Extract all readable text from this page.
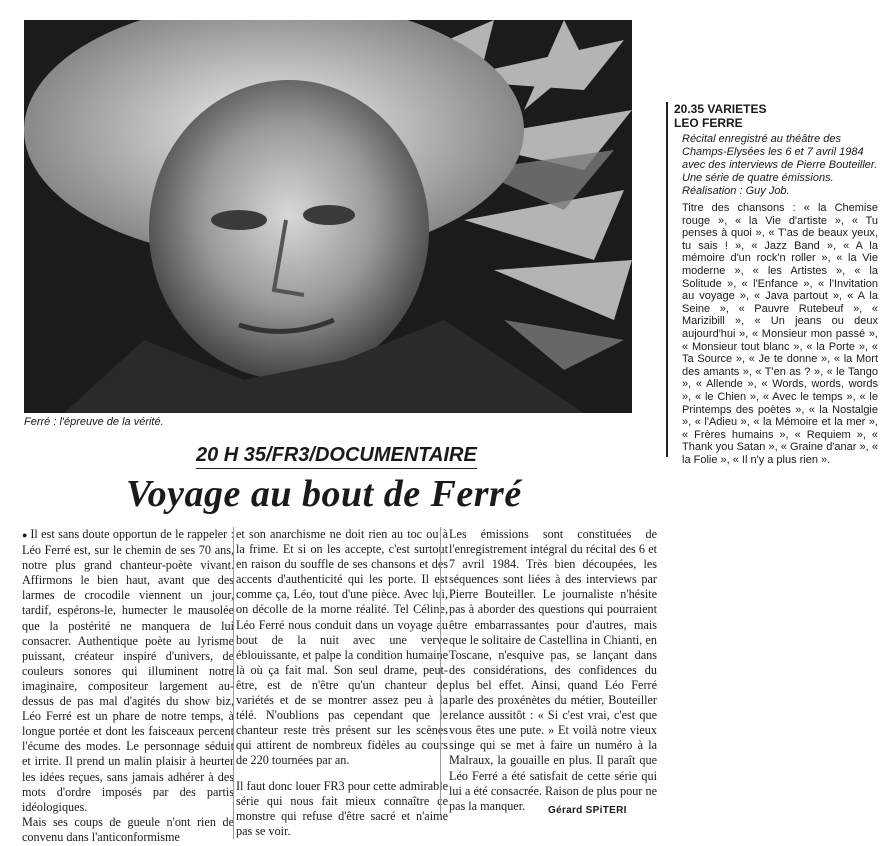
Ferré : l'épreuve de la vérité.
20.35 VARIETES
LEO FERRE
Récital enregistré au théâtre des Champs-Elysées les 6 et 7 avril 1984 avec des interviews de Pierre Bouteiller. Une série de quatre émissions. Réalisation : Guy Job.
Titre des chansons : « la Chemise rouge », « la Vie d'artiste », « Tu penses à quoi », « T'as de beaux yeux, tu sais ! », « Jazz Band », « A la mémoire d'un rock'n roller », « la Vie moderne », « les Artistes », « la Solitude », « l'Enfance », « l'Invitation au voyage », « Java partout », « A la Seine », « Pauvre Rutebeuf », « Marizibill », « Un jeans ou deux aujourd'hui », « Monsieur mon passé », « Monsieur tout blanc », « la Porte », « Ta Source », « Je te donne », « la Mort des amants », « T'en as ? », « le Tango », « Allende », « Words, words, words », « le Chien », « Avec le temps », « le Printemps des poètes », « la Nostalgie », « l'Adieu », « la Mémoire et la mer », « Frères humains », « Requiem », « Thank you Satan », « Graine d'anar », « la Folie », « Il n'y a plus rien ».
20 H 35/FR3/DOCUMENTAIRE
Voyage au bout de Ferré

● Il est sans doute opportun de le rappeler : Léo Ferré est, sur le chemin de ses 70 ans, notre plus grand chanteur-poète vivant. Affirmons le bien haut, avant que des larmes de crocodile viennent un jour, tardif, espérons-le, humecter le mausolée que la postérité ne manquera de lui consacrer. Authentique poète au lyrisme puissant, créateur inspiré d'univers, de couleurs sonores qui illuminent notre imaginaire, compositeur largement au-dessus de pas mal d'agités du show biz, Léo Ferré est un phare de notre temps, à longue portée et dont les faisceaux percent l'écume des modes. Le personnage séduit et irrite. Il prend un malin plaisir à heurter les idées reçues, sans jamais adhérer à des mots d'ordre imposés par des partis idéologiques.

Mais ses coups de gueule n'ont rien de convenu dans l'anticonformisme

et son anarchisme ne doit rien au toc ou à la frime. Et si on les accepte, c'est surtout en raison du souffle de ses chansons et des accents d'authenticité qui les porte. Il est comme ça, Léo, tout d'une pièce. Avec lui, on décolle de la morne réalité. Tel Céline, Léo Ferré nous conduit dans un voyage au bout de la nuit avec une verve éblouissante, et palpe la condition humaine là où ça fait mal. Son seul drame, peut-être, est de n'être qu'un chanteur de variétés et de se montrer assez peu à la télé. N'oublions pas cependant que le chanteur reste très présent sur les scènes qui attirent de nombreux fidèles au cours de 220 tournées par an.

Il faut donc louer FR3 pour cette admirable série qui nous fait mieux connaître ce monstre qui refuse d'être sacré et n'aime pas se voir.

Les émissions sont constituées de l'enregistrement intégral du récital des 6 et 7 avril 1984. Très bien découpées, les séquences sont liées à des interviews par Pierre Bouteiller. Le journaliste n'hésite pas à aborder des questions qui pourraient être embarrassantes pour d'autres, mais que le solitaire de Castellina in Chianti, en Toscane, n'esquive pas, se lançant dans des considérations, des confidences du plus bel effet. Ainsi, quand Léo Ferré parle des proxénètes du métier, Bouteiller relance aussitôt : « Si c'est vrai, c'est que vous êtes une pute. » Et voilà notre vieux singe qui se met à faire un numéro à la Malraux, la gouaille en plus. Il paraît que Léo Ferré a été satisfait de cette série qui lui a été consacrée. Raison de plus pour ne pas la manquer.	Gérard SPiTERI
